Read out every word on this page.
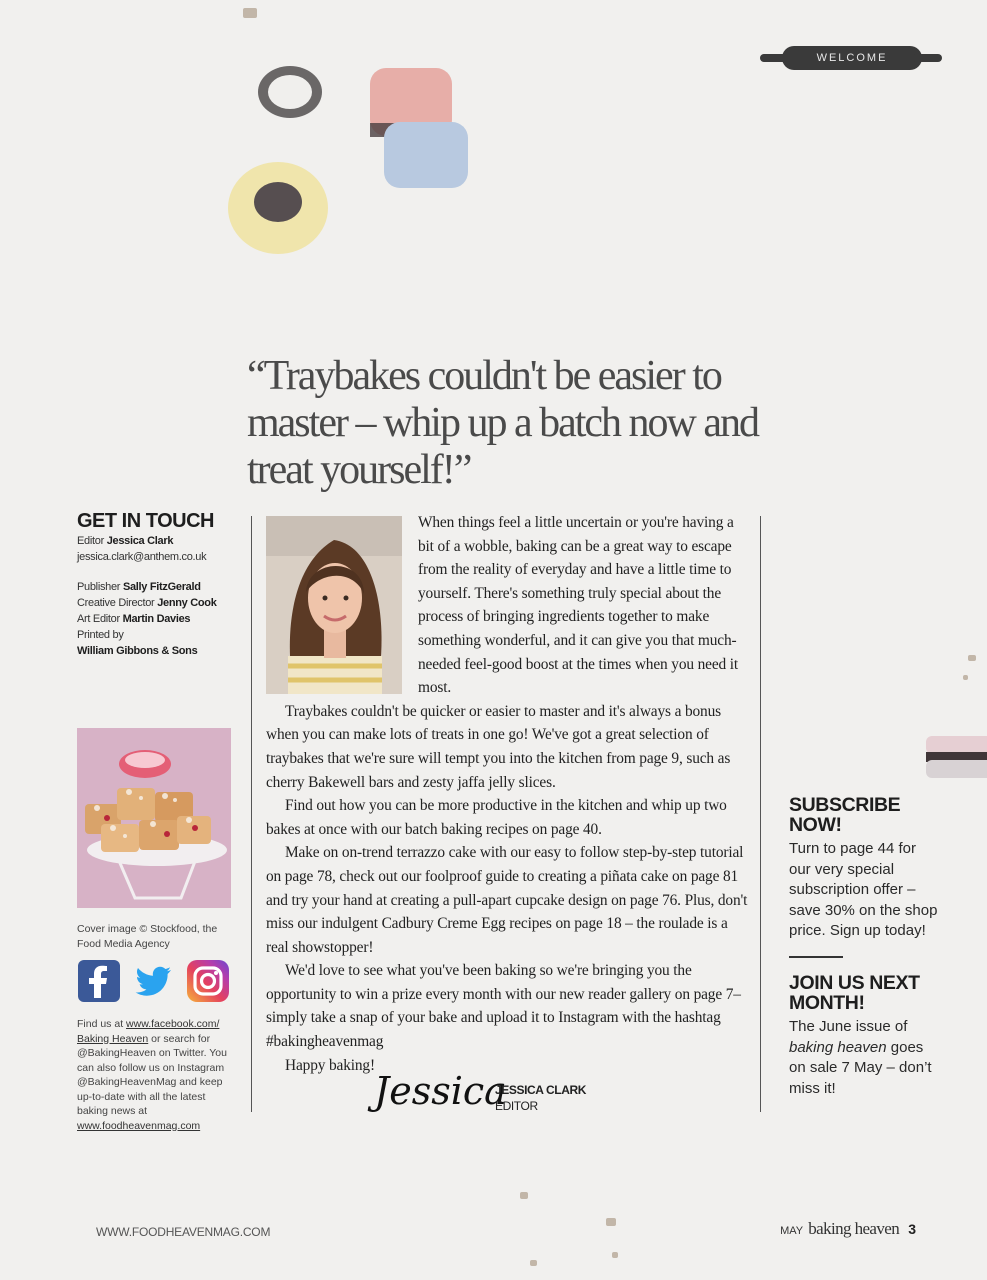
WELCOME
“Traybakes couldn't be easier to master – whip up a batch now and treat yourself!”
GET IN TOUCH
Editor Jessica Clark
jessica.clark@anthem.co.uk
Publisher Sally FitzGerald
Creative Director Jenny Cook
Art Editor Martin Davies
Printed by
William Gibbons & Sons
Cover image © Stockfood, the Food Media Agency
Find us at www.facebook.com/ Baking Heaven or search for @BakingHeaven on Twitter. You can also follow us on Instagram @BakingHeavenMag and keep up-to-date with all the latest baking news at www.foodheavenmag.com

When things feel a little uncertain or you're having a bit of a wobble, baking can be a great way to escape from the reality of everyday and have a little time to yourself. There's something truly special about the process of bringing ingredients together to make something wonderful, and it can give you that much-needed feel-good boost at the times when you need it most.

Traybakes couldn't be quicker or easier to master and it's always a bonus when you can make lots of treats in one go! We've got a great selection of traybakes that we're sure will tempt you into the kitchen from page 9, such as cherry Bakewell bars and zesty jaffa jelly slices.

Find out how you can be more productive in the kitchen and whip up two bakes at once with our batch baking recipes on page 40.

Make on on-trend terrazzo cake with our easy to follow step-by-step tutorial on page 78, check out our foolproof guide to creating a piñata cake on page 81 and try your hand at creating a pull-apart cupcake design on page 76. Plus, don't miss our indulgent Cadbury Creme Egg recipes on page 18 – the roulade is a real showstopper!

We'd love to see what you've been baking so we're bringing you the opportunity to win a prize every month with our new reader gallery on page 7– simply take a snap of your bake and upload it to Instagram with the hashtag #bakingheavenmag

Happy baking!

Jessica
JESSICA CLARK
EDITOR
SUBSCRIBE NOW!
Turn to page 44 for our very special subscription offer – save 30% on the shop price. Sign up today!
JOIN US NEXT MONTH!
The June issue of baking heaven goes on sale 7 May – don’t miss it!
WWW.FOODHEAVENMAG.COM	MAY baking heaven 3
